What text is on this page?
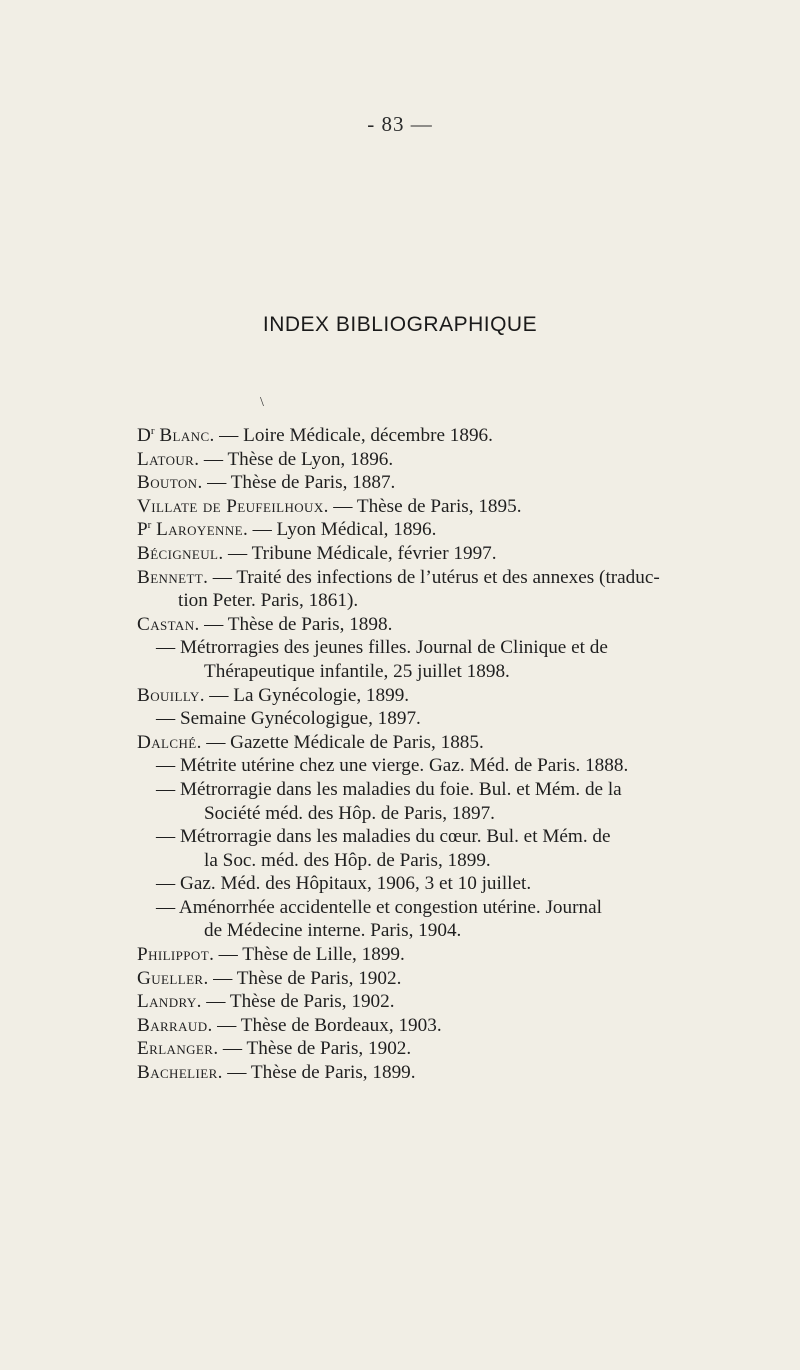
- 83 —
INDEX BIBLIOGRAPHIQUE
\
$D^r$ Blanc. — Loire Médicale, décembre 1896.
Latour. — Thèse de Lyon, 1896.
Bouton. — Thèse de Paris, 1887.
Villate de Peufeilhoux. — Thèse de Paris, 1895.
$P^r$ Laroyenne. — Lyon Médical, 1896.
Bécigneul. — Tribune Médicale, février 1997.
Bennett. — Traité des infections de l’utérus et des annexes (traduc-
tion Peter. Paris, 1861).
Castan. — Thèse de Paris, 1898.
— Métrorragies des jeunes filles. Journal de Clinique et de
Thérapeutique infantile, 25 juillet 1898.
Bouilly. — La Gynécologie, 1899.
— Semaine Gynécologigue, 1897.
Dalché. — Gazette Médicale de Paris, 1885.
— Métrite utérine chez une vierge. Gaz. Méd. de Paris. 1888.
— Métrorragie dans les maladies du foie. Bul. et Mém. de la
Société méd. des Hôp. de Paris, 1897.
— Métrorragie dans les maladies du cœur. Bul. et Mém. de
la Soc. méd. des Hôp. de Paris, 1899.
— Gaz. Méd. des Hôpitaux, 1906, 3 et 10 juillet.
— Aménorrhée accidentelle et congestion utérine. Journal
de Médecine interne. Paris, 1904.
Philippot. — Thèse de Lille, 1899.
Gueller. — Thèse de Paris, 1902.
Landry. — Thèse de Paris, 1902.
Barraud. — Thèse de Bordeaux, 1903.
Erlanger. — Thèse de Paris, 1902.
Bachelier. — Thèse de Paris, 1899.
